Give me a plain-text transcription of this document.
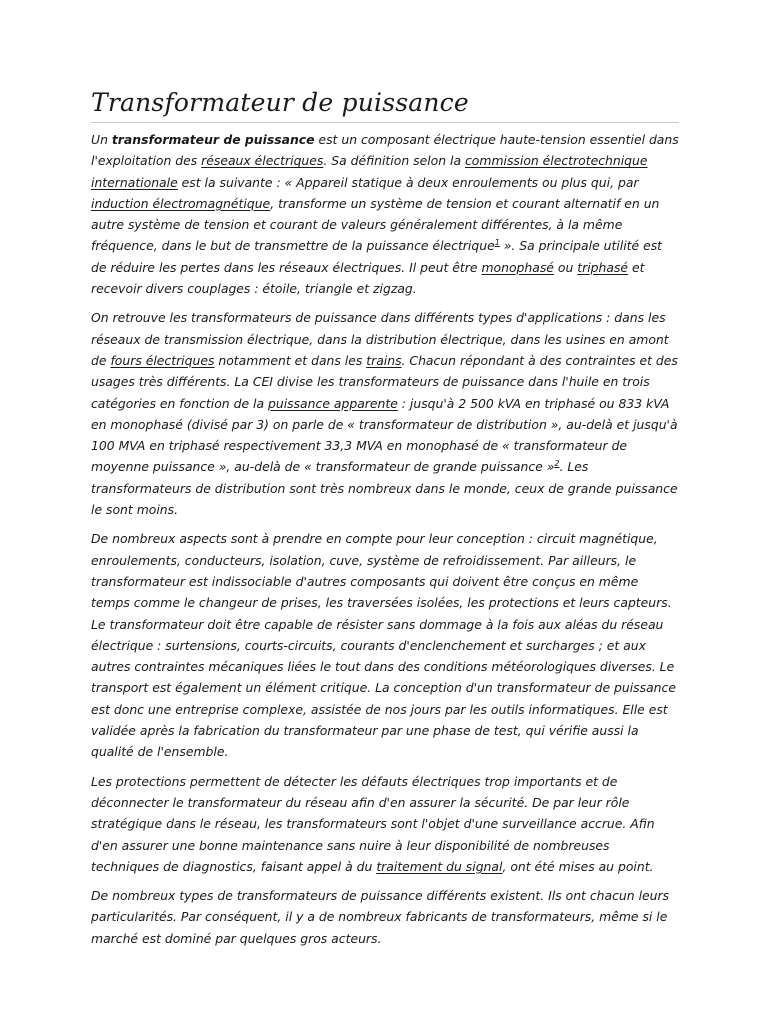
Transformateur de puissance

Un transformateur de puissance est un composant électrique haute-tension essentiel dans l'exploitation des réseaux électriques. Sa définition selon la commission électrotechnique internationale est la suivante : « Appareil statique à deux enroulements ou plus qui, par induction électromagnétique, transforme un système de tension et courant alternatif en un autre système de tension et courant de valeurs généralement différentes, à la même fréquence, dans le but de transmettre de la puissance électrique$^1$ ». Sa principale utilité est de réduire les pertes dans les réseaux électriques. Il peut être monophasé ou triphasé et recevoir divers couplages : étoile, triangle et zigzag.

On retrouve les transformateurs de puissance dans différents types d'applications : dans les réseaux de transmission électrique, dans la distribution électrique, dans les usines en amont de fours électriques notamment et dans les trains. Chacun répondant à des contraintes et des usages très différents. La CEI divise les transformateurs de puissance dans l'huile en trois catégories en fonction de la puissance apparente : jusqu'à 2 500 kVA en triphasé ou 833 kVA en monophasé (divisé par 3) on parle de « transformateur de distribution », au-delà et jusqu'à 100 MVA en triphasé respectivement 33,3 MVA en monophasé de « transformateur de moyenne puissance », au-delà de « transformateur de grande puissance »$^2$. Les transformateurs de distribution sont très nombreux dans le monde, ceux de grande puissance le sont moins.

De nombreux aspects sont à prendre en compte pour leur conception : circuit magnétique, enroulements, conducteurs, isolation, cuve, système de refroidissement. Par ailleurs, le transformateur est indissociable d'autres composants qui doivent être conçus en même temps comme le changeur de prises, les traversées isolées, les protections et leurs capteurs. Le transformateur doit être capable de résister sans dommage à la fois aux aléas du réseau électrique : surtensions, courts-circuits, courants d'enclenchement et surcharges ; et aux autres contraintes mécaniques liées le tout dans des conditions météorologiques diverses. Le transport est également un élément critique. La conception d'un transformateur de puissance est donc une entreprise complexe, assistée de nos jours par les outils informatiques. Elle est validée après la fabrication du transformateur par une phase de test, qui vérifie aussi la qualité de l'ensemble.

Les protections permettent de détecter les défauts électriques trop importants et de déconnecter le transformateur du réseau afin d'en assurer la sécurité. De par leur rôle stratégique dans le réseau, les transformateurs sont l'objet d'une surveillance accrue. Afin d'en assurer une bonne maintenance sans nuire à leur disponibilité de nombreuses techniques de diagnostics, faisant appel à du traitement du signal, ont été mises au point.

De nombreux types de transformateurs de puissance différents existent. Ils ont chacun leurs particularités. Par conséquent, il y a de nombreux fabricants de transformateurs, même si le marché est dominé par quelques gros acteurs.
